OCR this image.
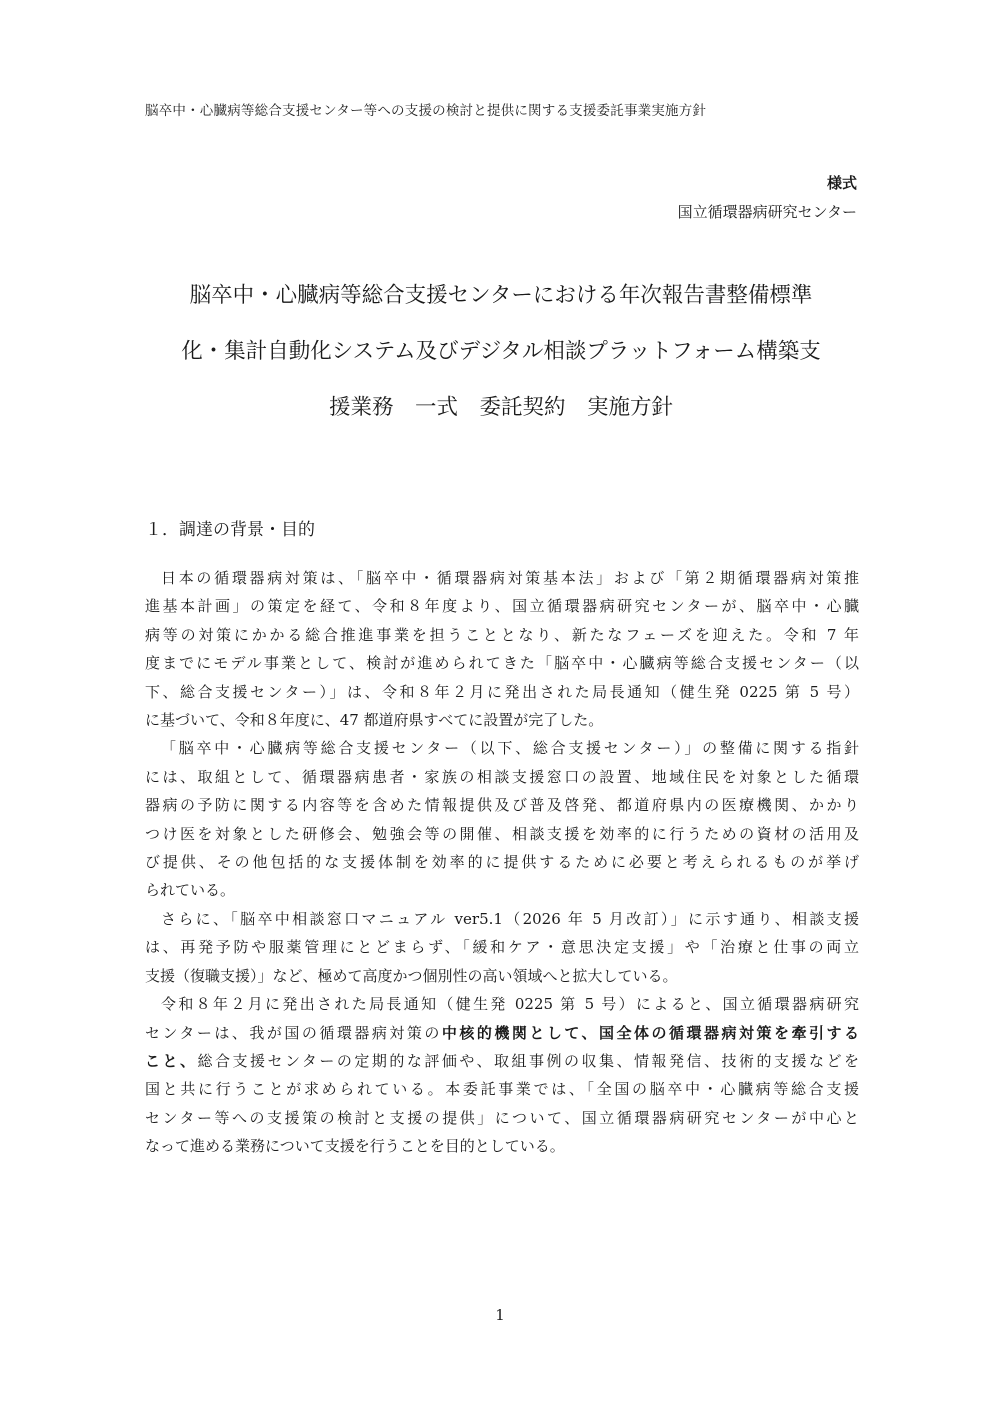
脳卒中・心臓病等総合支援センター等への支援の検討と提供に関する支援委託事業実施方針
様式
国立循環器病研究センター
脳卒中・心臓病等総合支援センターにおける年次報告書整備標準
化・集計自動化システム及びデジタル相談プラットフォーム構築支
援業務　一式　委託契約　実施方針
１．調達の背景・目的
日本の循環器病対策は、「脳卒中・循環器病対策基本法」および「第２期循環器病対策推
進基本計画」の策定を経て、令和８年度より、国立循環器病研究センターが、脳卒中・心臓
病等の対策にかかる総合推進事業を担うこととなり、新たなフェーズを迎えた。令和 7 年
度までにモデル事業として、検討が進められてきた「脳卒中・心臓病等総合支援センター（以
下、総合支援センター）」は、令和８年２月に発出された局長通知（健生発 0225 第 5 号）
に基づいて、令和８年度に、47 都道府県すべてに設置が完了した。
「脳卒中・心臓病等総合支援センター（以下、総合支援センター）」の整備に関する指針
には、取組として、循環器病患者・家族の相談支援窓口の設置、地域住民を対象とした循環
器病の予防に関する内容等を含めた情報提供及び普及啓発、都道府県内の医療機関、かかり
つけ医を対象とした研修会、勉強会等の開催、相談支援を効率的に行うための資材の活用及
び提供、その他包括的な支援体制を効率的に提供するために必要と考えられるものが挙げ
られている。
さらに、「脳卒中相談窓口マニュアル ver5.1（2026 年 5 月改訂）」に示す通り、相談支援
は、再発予防や服薬管理にとどまらず、「緩和ケア・意思決定支援」や「治療と仕事の両立
支援（復職支援）」など、極めて高度かつ個別性の高い領域へと拡大している。
令和８年２月に発出された局長通知（健生発 0225 第 5 号）によると、国立循環器病研究
センターは、我が国の循環器病対策の中核的機関として、国全体の循環器病対策を牽引する
こと、総合支援センターの定期的な評価や、取組事例の収集、情報発信、技術的支援などを
国と共に行うことが求められている。本委託事業では、「全国の脳卒中・心臓病等総合支援
センター等への支援策の検討と支援の提供」について、国立循環器病研究センターが中心と
なって進める業務について支援を行うことを目的としている。
1
